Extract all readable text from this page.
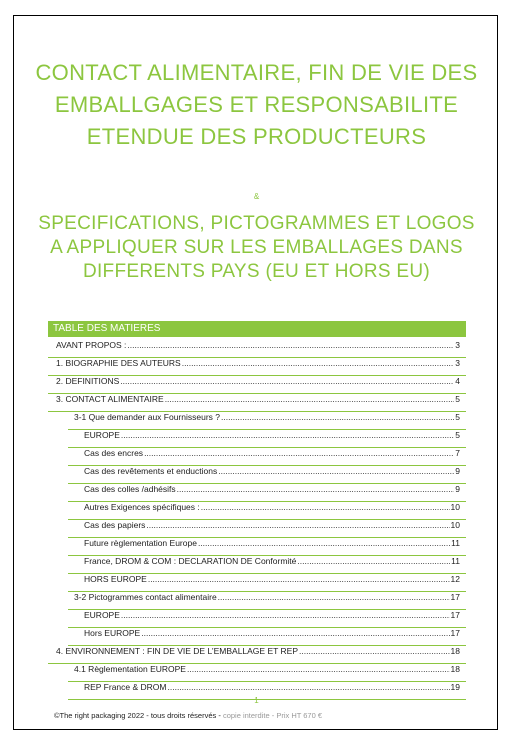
CONTACT ALIMENTAIRE, FIN DE VIE DES EMBALLGAGES ET RESPONSABILITE ETENDUE DES PRODUCTEURS
&
SPECIFICATIONS, PICTOGRAMMES ET LOGOS A APPLIQUER SUR LES EMBALLAGES DANS DIFFERENTS PAYS (EU ET HORS EU)
TABLE DES MATIERES
AVANT PROPOS : .....	3
1. BIOGRAPHIE DES AUTEURS .....	3
2. DEFINITIONS .....	4
3. CONTACT ALIMENTAIRE .....	5
3-1 Que demander aux Fournisseurs ? .....	5
EUROPE .....	5
Cas des encres .....	7
Cas des revêtements et enductions .....	9
Cas des colles /adhésifs .....	9
Autres Exigences spécifiques : .....	10
Cas des papiers .....	10
Future règlementation Europe .....	11
France, DROM & COM : DECLARATION DE Conformité .....	11
HORS EUROPE .....	12
3-2 Pictogrammes contact alimentaire .....	17
EUROPE .....	17
Hors EUROPE .....	17
4. ENVIRONNEMENT : FIN DE VIE DE L’EMBALLAGE ET REP .....	18
4.1 Règlementation EUROPE .....	18
REP France & DROM .....	19
1
©The right packaging 2022 - tous droits réservés - copie interdite - Prix HT 670 €
